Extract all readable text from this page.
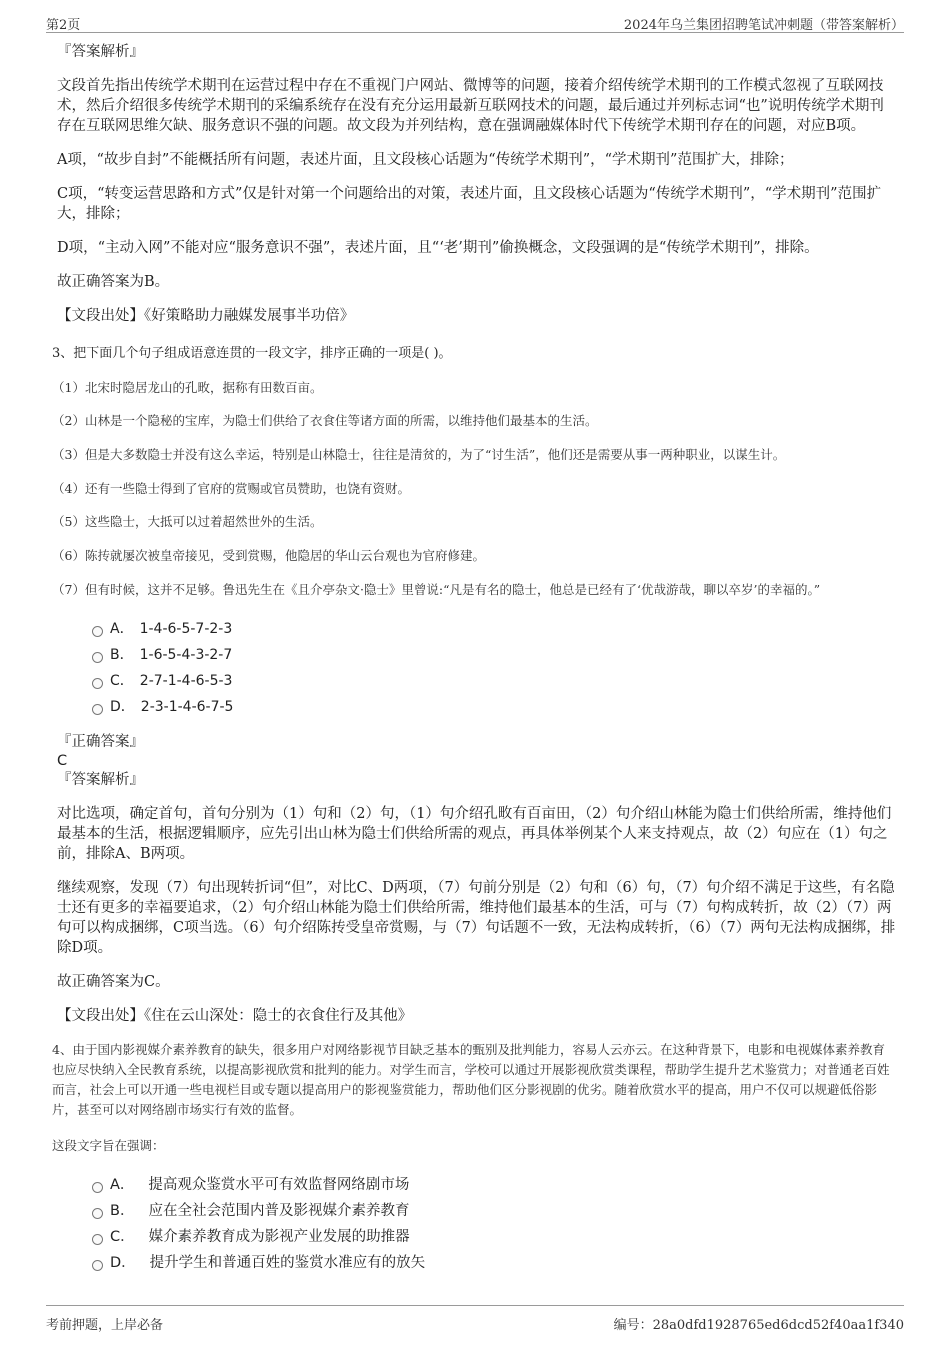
第2页	2024年乌兰集团招聘笔试冲刺题（带答案解析）

『答案解析』

文段首先指出传统学术期刊在运营过程中存在不重视门户网站、微博等的问题，接着介绍传统学术期刊的工作模式忽视了互联网技术，然后介绍很多传统学术期刊的采编系统存在没有充分运用最新互联网技术的问题，最后通过并列标志词“也”说明传统学术期刊存在互联网思维欠缺、服务意识不强的问题。故文段为并列结构，意在强调融媒体时代下传统学术期刊存在的问题，对应B项。

A项，“故步自封”不能概括所有问题，表述片面，且文段核心话题为“传统学术期刊”，“学术期刊”范围扩大，排除；

C项，“转变运营思路和方式”仅是针对第一个问题给出的对策，表述片面，且文段核心话题为“传统学术期刊”，“学术期刊”范围扩大，排除；

D项，“主动入网”不能对应“服务意识不强”，表述片面，且“‘老’期刊”偷换概念，文段强调的是“传统学术期刊”，排除。

故正确答案为B。

【文段出处】《好策略助力融媒发展事半功倍》

3、把下面几个句子组成语意连贯的一段文字，排序正确的一项是( )。

（1）北宋时隐居龙山的孔畋，据称有田数百亩。

（2）山林是一个隐秘的宝库，为隐士们供给了衣食住等诸方面的所需，以维持他们最基本的生活。

（3）但是大多数隐士并没有这么幸运，特别是山林隐士，往往是清贫的，为了“讨生活”，他们还是需要从事一两种职业，以谋生计。

（4）还有一些隐士得到了官府的赏赐或官员赞助，也饶有资财。

（5）这些隐士，大抵可以过着超然世外的生活。

（6）陈抟就屡次被皇帝接见，受到赏赐，他隐居的华山云台观也为官府修建。

（7）但有时候，这并不足够。鲁迅先生在《且介亭杂文·隐士》里曾说:“凡是有名的隐士，他总是已经有了‘优哉游哉，聊以卒岁’的幸福的。”

A． 1-4-6-5-7-2-3
B． 1-6-5-4-3-2-7
C． 2-7-1-4-6-5-3
D． 2-3-1-4-6-7-5

『正确答案』

C

『答案解析』

对比选项，确定首句，首句分别为（1）句和（2）句，（1）句介绍孔畋有百亩田，（2）句介绍山林能为隐士们供给所需，维持他们最基本的生活，根据逻辑顺序，应先引出山林为隐士们供给所需的观点，再具体举例某个人来支持观点，故（2）句应在（1）句之前，排除A、B两项。

继续观察，发现（7）句出现转折词“但”，对比C、D两项，（7）句前分别是（2）句和（6）句，（7）句介绍不满足于这些，有名隐士还有更多的幸福要追求，（2）句介绍山林能为隐士们供给所需，维持他们最基本的生活，可与（7）句构成转折，故（2）（7）两句可以构成捆绑，C项当选。（6）句介绍陈抟受皇帝赏赐，与（7）句话题不一致，无法构成转折，（6）（7）两句无法构成捆绑，排除D项。

故正确答案为C。

【文段出处】《住在云山深处：隐士的衣食住行及其他》

4、由于国内影视媒介素养教育的缺失，很多用户对网络影视节目缺乏基本的甄别及批判能力，容易人云亦云。在这种背景下，电影和电视媒体素养教育也应尽快纳入全民教育系统，以提高影视欣赏和批判的能力。对学生而言，学校可以通过开展影视欣赏类课程，帮助学生提升艺术鉴赏力；对普通老百姓而言，社会上可以开通一些电视栏目或专题以提高用户的影视鉴赏能力，帮助他们区分影视剧的优劣。随着欣赏水平的提高，用户不仅可以规避低俗影片，甚至可以对网络剧市场实行有效的监督。

这段文字旨在强调：

A． 提高观众鉴赏水平可有效监督网络剧市场
B． 应在全社会范围内普及影视媒介素养教育
C． 媒介素养教育成为影视产业发展的助推器
D． 提升学生和普通百姓的鉴赏水准应有的放矢
考前押题，上岸必备	编号：28a0dfd1928765ed6dcd52f40aa1f340
